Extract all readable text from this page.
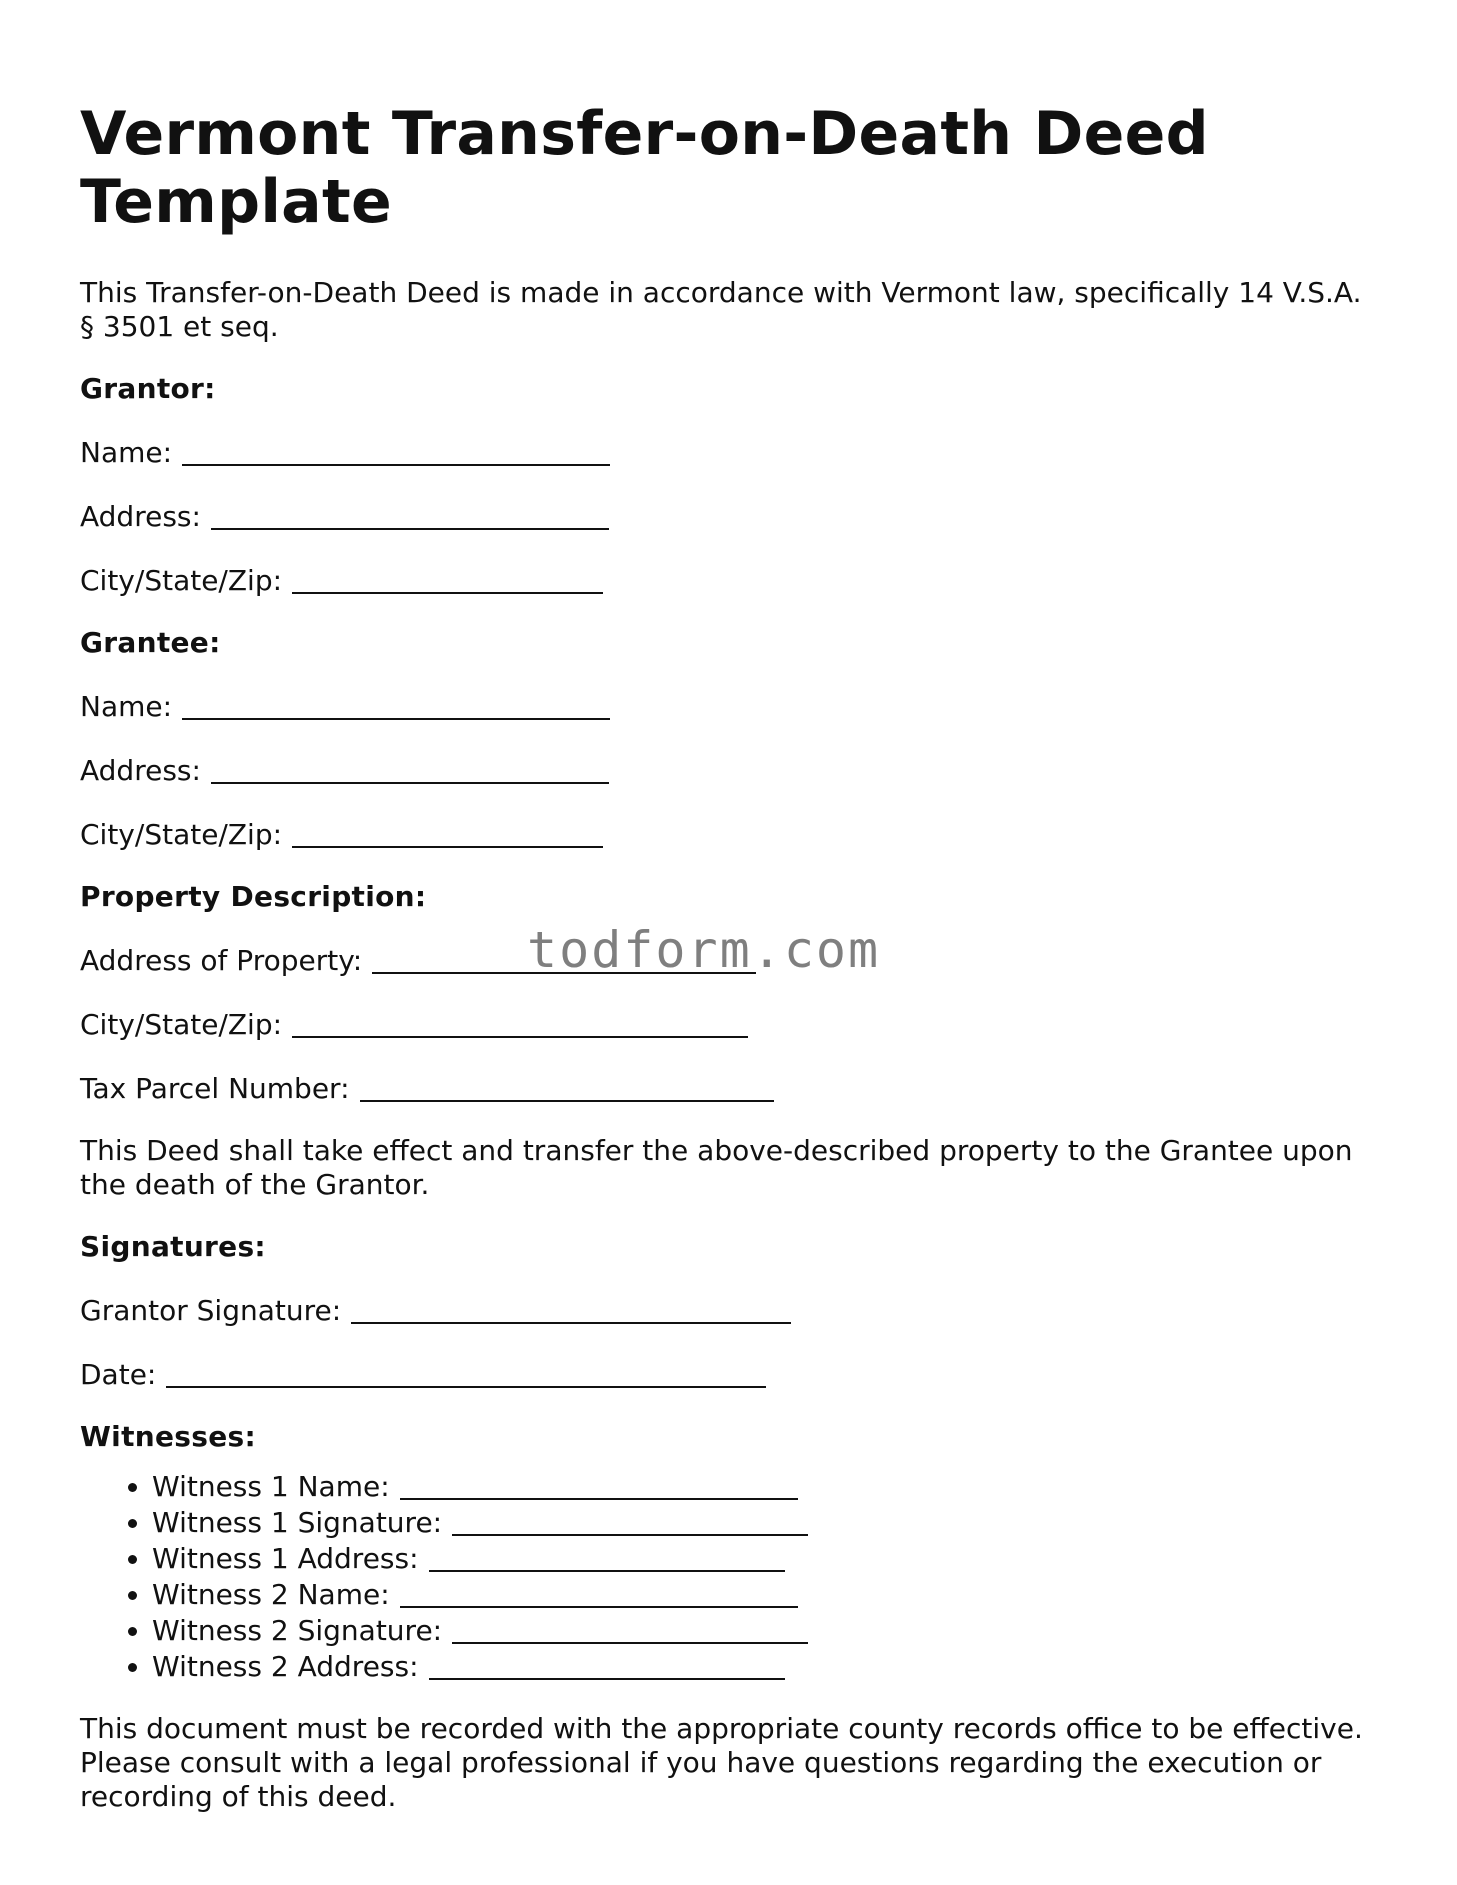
Vermont Transfer-on-Death Deed Template

This Transfer-on-Death Deed is made in accordance with Vermont law, specifically 14 V.S.A. § 3501 et seq.

Grantor:
Name:
Address:
City/State/Zip:
Grantee:
Name:
Address:
City/State/Zip:
Property Description:
Address of Property:
City/State/Zip:
Tax Parcel Number:

This Deed shall take effect and transfer the above-described property to the Grantee upon the death of the Grantor.

Signatures:
Grantor Signature:
Date:
Witnesses:
• Witness 1 Name:
• Witness 1 Signature:
• Witness 1 Address:
• Witness 2 Name:
• Witness 2 Signature:
• Witness 2 Address:

This document must be recorded with the appropriate county records office to be effective. Please consult with a legal professional if you have questions regarding the execution or recording of this deed.

todform.com
